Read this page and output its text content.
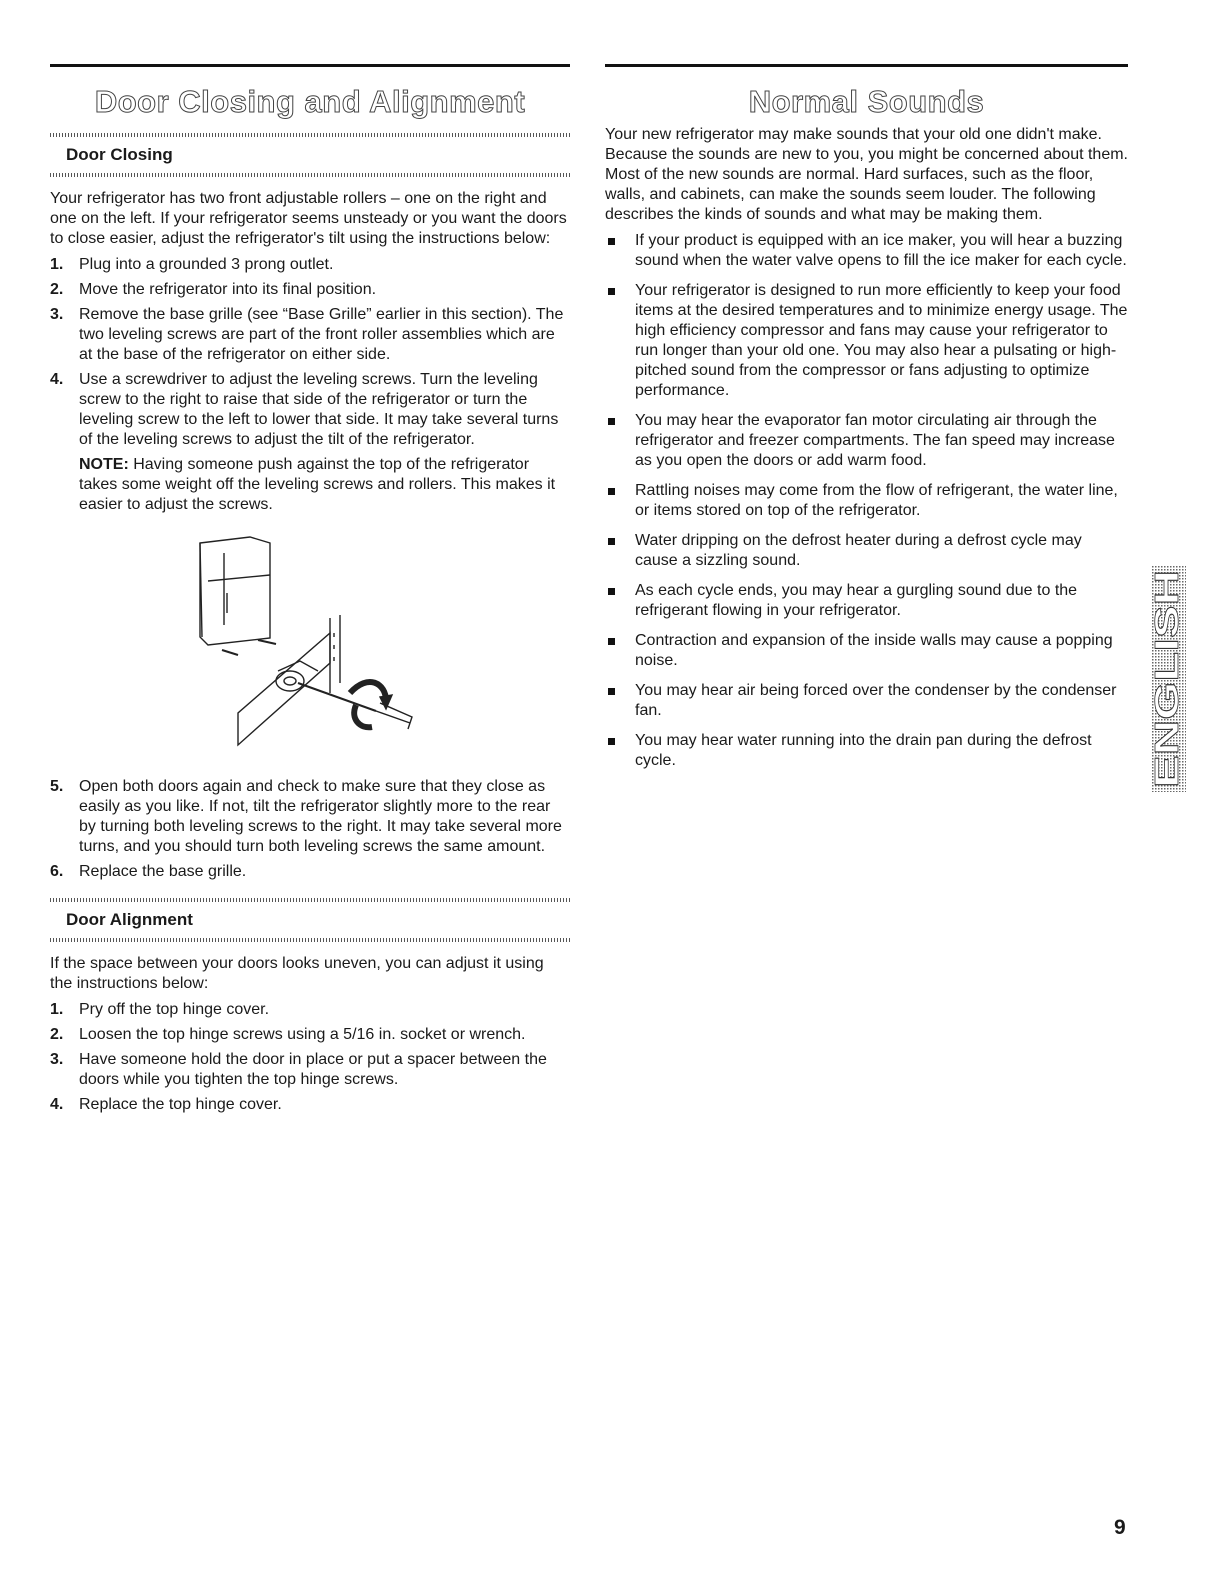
Door Closing and Alignment
Door Closing

Your refrigerator has two front adjustable rollers – one on the right and one on the left. If your refrigerator seems unsteady or you want the doors to close easier, adjust the refrigerator's tilt using the instructions below:

1. Plug into a grounded 3 prong outlet.
2. Move the refrigerator into its final position.
3. Remove the base grille (see “Base Grille” earlier in this section). The two leveling screws are part of the front roller assemblies which are at the base of the refrigerator on either side.
4. Use a screwdriver to adjust the leveling screws. Turn the leveling screw to the right to raise that side of the refrigerator or turn the leveling screw to the left to lower that side. It may take several turns of the leveling screws to adjust the tilt of the refrigerator.

NOTE: Having someone push against the top of the refrigerator takes some weight off the leveling screws and rollers. This makes it easier to adjust the screws.

5. Open both doors again and check to make sure that they close as easily as you like. If not, tilt the refrigerator slightly more to the rear by turning both leveling screws to the right. It may take several more turns, and you should turn both leveling screws the same amount.
6. Replace the base grille.
Door Alignment

If the space between your doors looks uneven, you can adjust it using the instructions below:

1. Pry off the top hinge cover.
2. Loosen the top hinge screws using a 5/16 in. socket or wrench.
3. Have someone hold the door in place or put a spacer between the doors while you tighten the top hinge screws.
4. Replace the top hinge cover.
Normal Sounds

Your new refrigerator may make sounds that your old one didn't make. Because the sounds are new to you, you might be concerned about them. Most of the new sounds are normal. Hard surfaces, such as the floor, walls, and cabinets, can make the sounds seem louder. The following describes the kinds of sounds and what may be making them.

If your product is equipped with an ice maker, you will hear a buzzing sound when the water valve opens to fill the ice maker for each cycle.
Your refrigerator is designed to run more efficiently to keep your food items at the desired temperatures and to minimize energy usage. The high efficiency compressor and fans may cause your refrigerator to run longer than your old one. You may also hear a pulsating or high-pitched sound from the compressor or fans adjusting to optimize performance.
You may hear the evaporator fan motor circulating air through the refrigerator and freezer compartments. The fan speed may increase as you open the doors or add warm food.
Rattling noises may come from the flow of refrigerant, the water line, or items stored on top of the refrigerator.
Water dripping on the defrost heater during a defrost cycle may cause a sizzling sound.
As each cycle ends, you may hear a gurgling sound due to the refrigerant flowing in your refrigerator.
Contraction and expansion of the inside walls may cause a popping noise.
You may hear air being forced over the condenser by the condenser fan.
You may hear water running into the drain pan during the defrost cycle.	ENGLISH
9
